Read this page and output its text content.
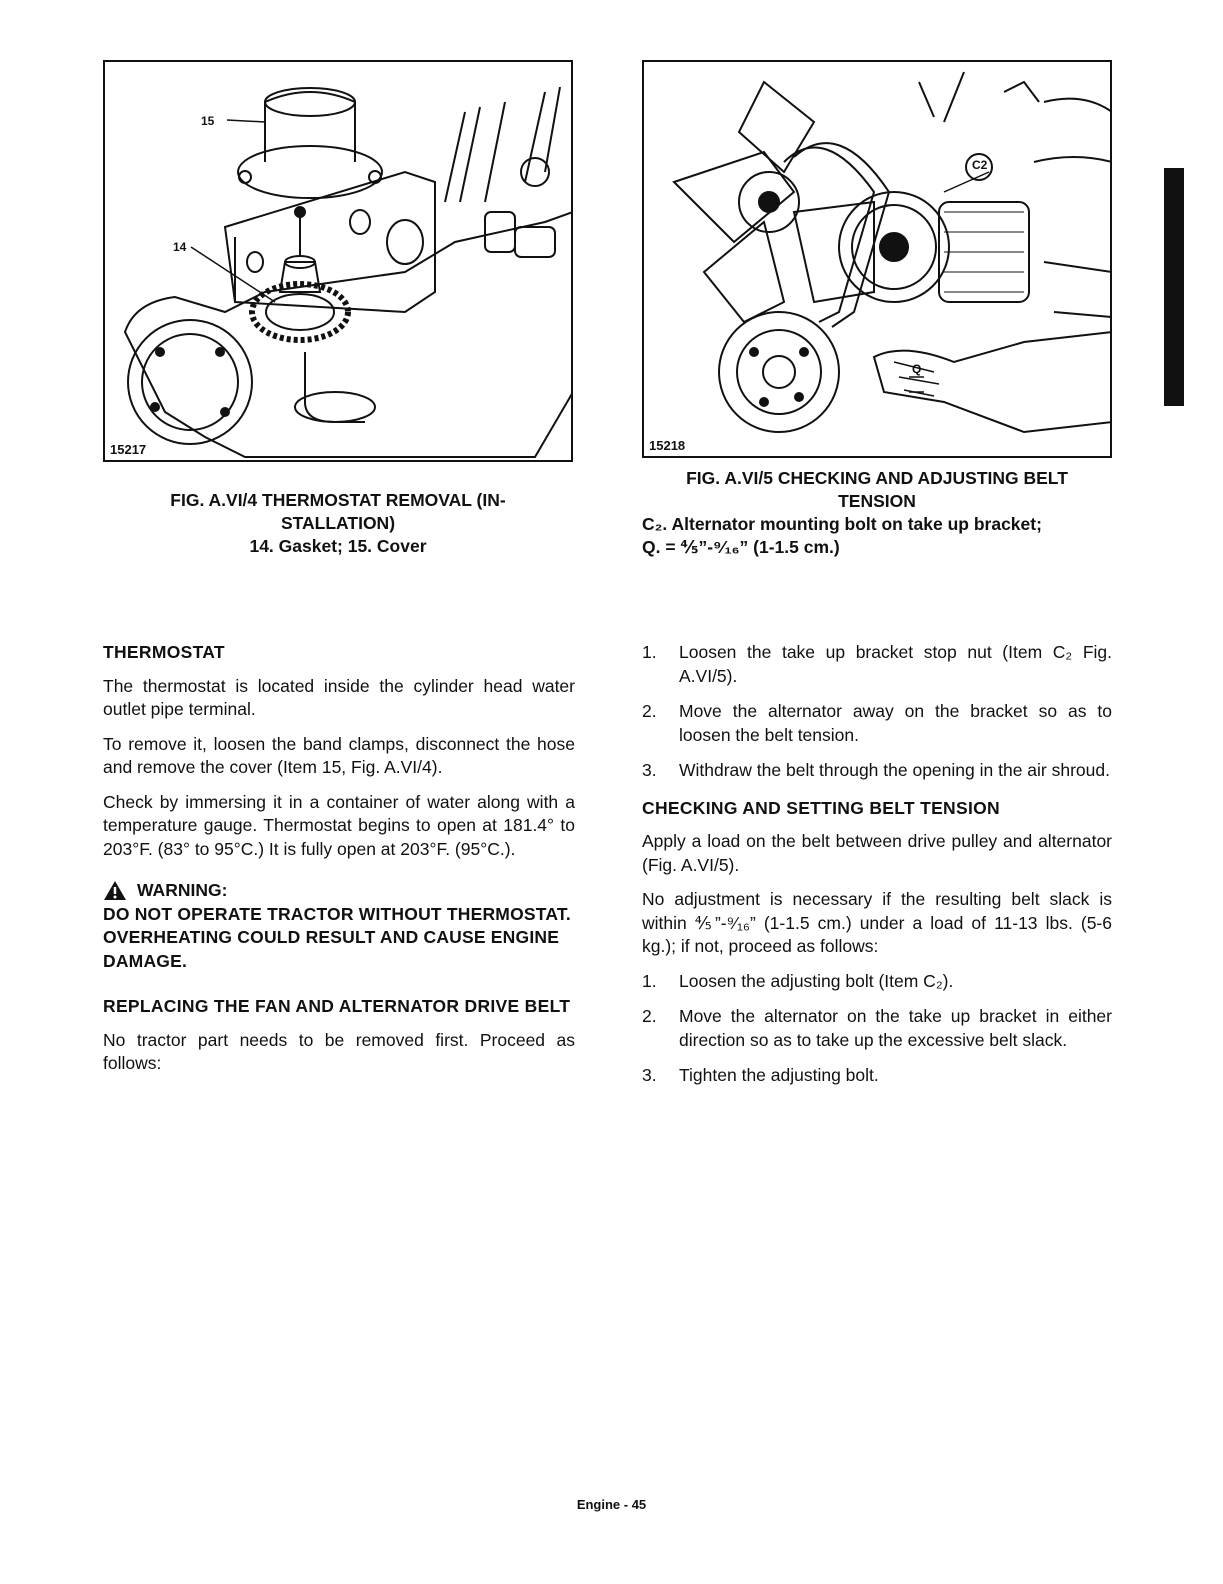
15
14
15217
C2
Q
15218
FIG. A.VI/4 THERMOSTAT REMOVAL (IN-
STALLATION)
14. Gasket; 15. Cover
FIG. A.VI/5 CHECKING AND ADJUSTING BELT
TENSION
C₂. Alternator mounting bolt on take up bracket;
Q. = ⅘”-⁹⁄₁₆” (1-1.5 cm.)
THERMOSTAT

The thermostat is located inside the cylinder head water outlet pipe terminal.

To remove it, loosen the band clamps, disconnect the hose and remove the cover (Item 15, Fig. A.VI/4).

Check by immersing it in a container of water along with a temperature gauge. Thermostat begins to open at 181.4° to 203°F. (83° to 95°C.) It is fully open at 203°F. (95°C.).

WARNING:

DO NOT OPERATE TRACTOR WITHOUT THERMOSTAT. OVERHEATING COULD RESULT AND CAUSE ENGINE DAMAGE.

REPLACING THE FAN AND ALTERNATOR DRIVE BELT

No tractor part needs to be removed first. Proceed as follows:

1.	Loosen the take up bracket stop nut (Item C₂ Fig. A.VI/5).
2.	Move the alternator away on the bracket so as to loosen the belt tension.
3.	Withdraw the belt through the opening in the air shroud.
CHECKING AND SETTING BELT TENSION

Apply a load on the belt between drive pulley and alternator (Fig. A.VI/5).

No adjustment is necessary if the resulting belt slack is within ⅘”-⁹⁄₁₆” (1-1.5 cm.) under a load of 11-13 lbs. (5-6 kg.); if not, proceed as follows:

1.	Loosen the adjusting bolt (Item C₂).
2.	Move the alternator on the take up bracket in either direction so as to take up the excessive belt slack.
3.	Tighten the adjusting bolt.
Engine - 45
